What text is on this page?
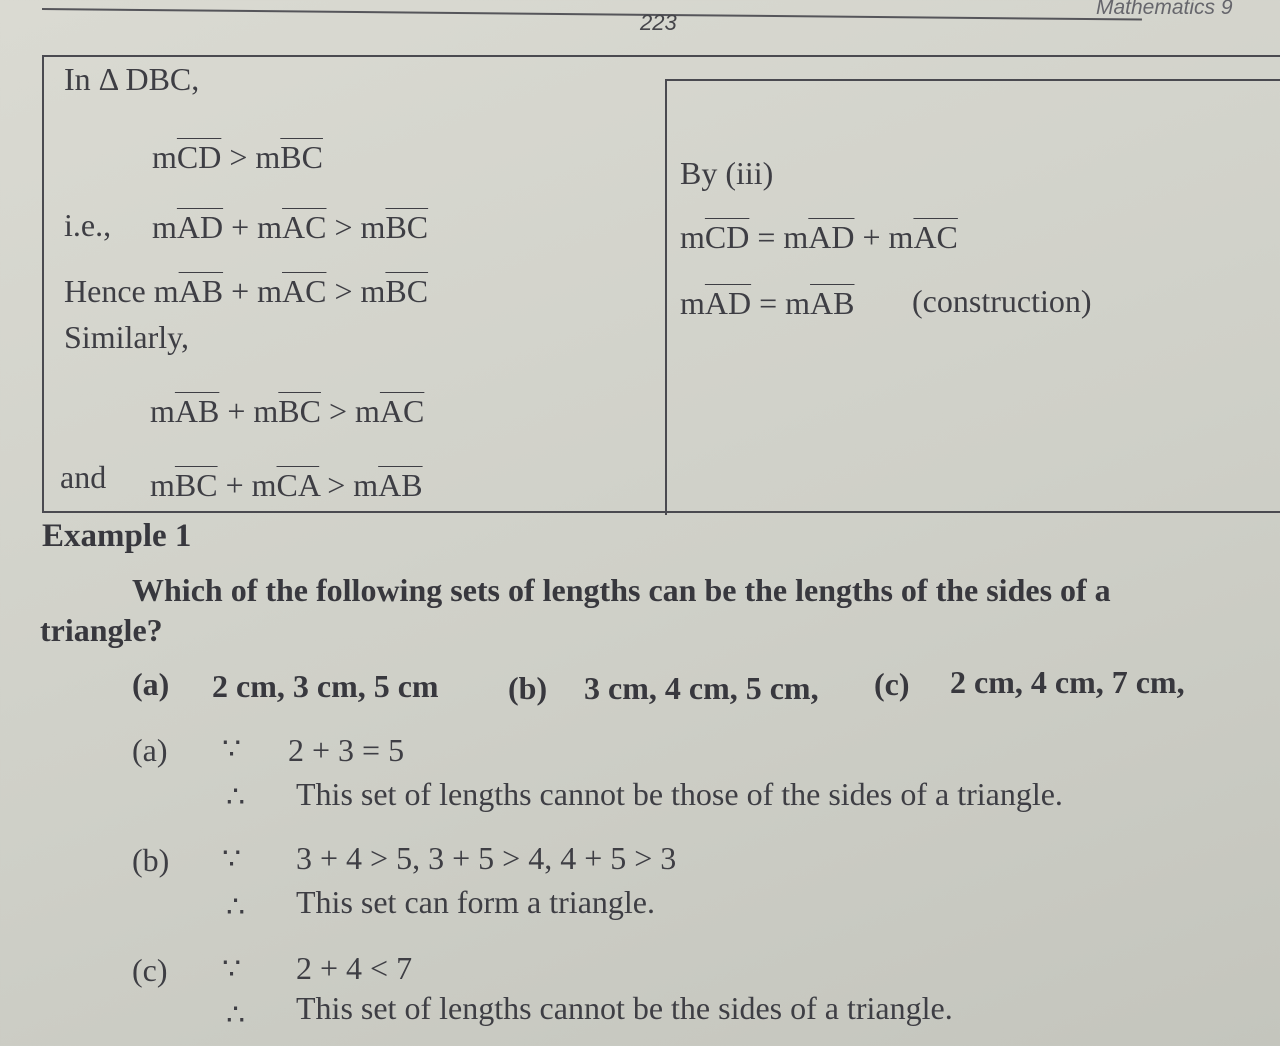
223
Mathematics 9
In Δ DBC,
$m\overline{CD} > m\overline{BC}$
i.e., $m\overline{AD} + m\overline{AC} > m\overline{BC}$
Hence $m\overline{AB} + m\overline{AC} > m\overline{BC}$
Similarly,
$m\overline{AB} + m\overline{BC} > m\overline{AC}$
and $m\overline{BC} + m\overline{CA} > m\overline{AB}$
By (iii)
$m\overline{CD} = m\overline{AD} + m\overline{AC}$
$m\overline{AD} = m\overline{AB}$ (construction)
Example 1
Which of the following sets of lengths can be the lengths of the sides of a
triangle?
(a) 2 cm, 3 cm, 5 cm (b) 3 cm, 4 cm, 5 cm, (c) 2 cm, 4 cm, 7 cm,
(a) ∵ 2 + 3 = 5
∴ This set of lengths cannot be those of the sides of a triangle.
(b) ∵ 3 + 4 > 5, 3 + 5 > 4, 4 + 5 > 3
∴ This set can form a triangle.
(c) ∵ 2 + 4 < 7
∴ This set of lengths cannot be the sides of a triangle.
